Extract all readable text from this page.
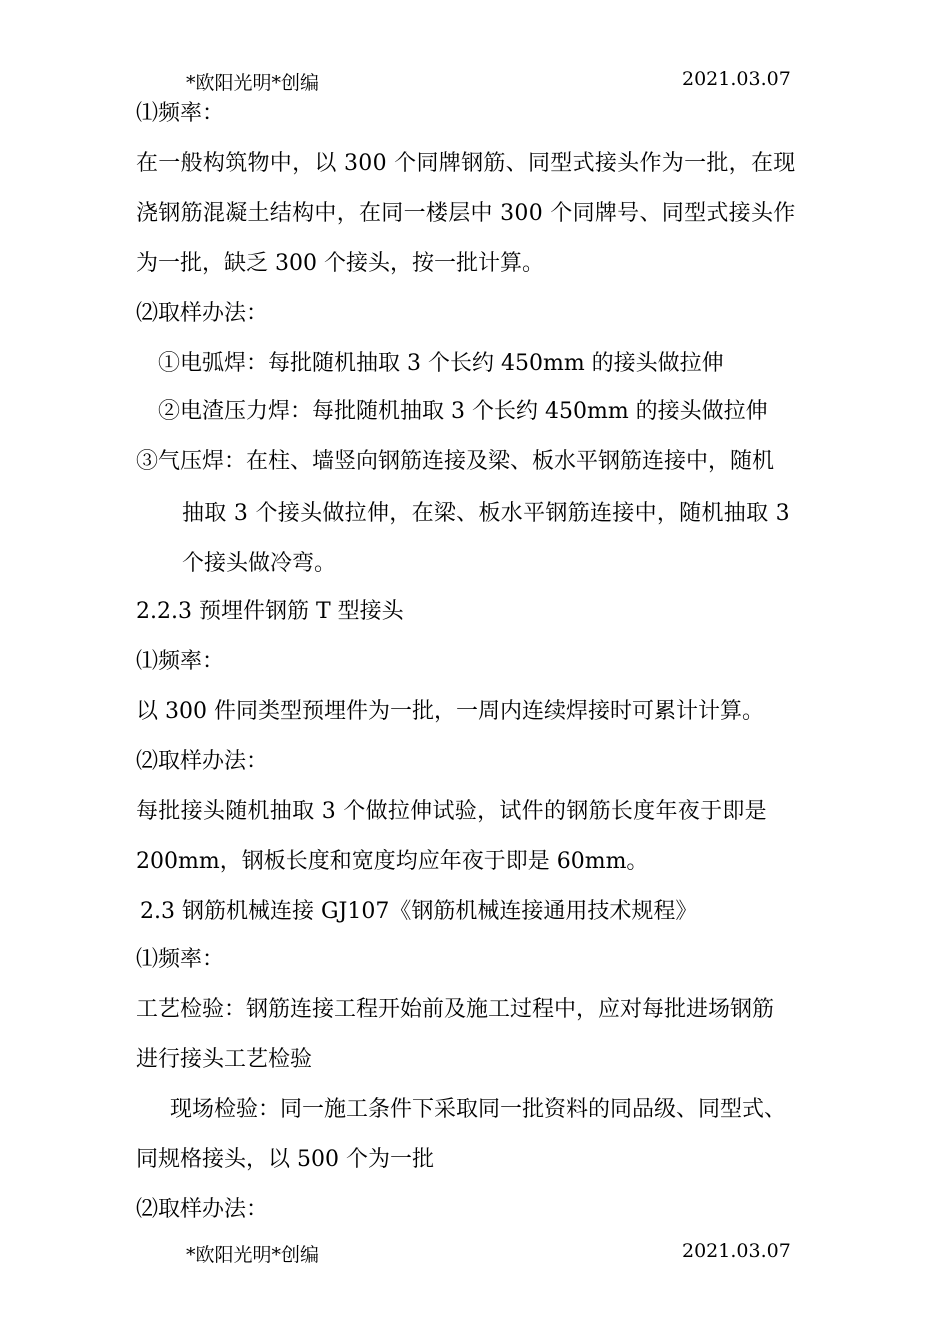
*欧阳光明*创编	2021.03.07
⑴频率：
在一般构筑物中，以 300 个同牌钢筋、同型式接头作为一批，在现
浇钢筋混凝土结构中，在同一楼层中 300 个同牌号、同型式接头作
为一批，缺乏 300 个接头，按一批计算。
⑵取样办法：
①电弧焊：每批随机抽取 3 个长约 450mm 的接头做拉伸
②电渣压力焊：每批随机抽取 3 个长约 450mm 的接头做拉伸
③气压焊：在柱、墙竖向钢筋连接及梁、板水平钢筋连接中，随机
抽取 3 个接头做拉伸，在梁、板水平钢筋连接中，随机抽取 3
个接头做冷弯。
2.2.3 预埋件钢筋 T 型接头
⑴频率：
以 300 件同类型预埋件为一批，一周内连续焊接时可累计计算。
⑵取样办法：
每批接头随机抽取 3 个做拉伸试验，试件的钢筋长度年夜于即是
200mm，钢板长度和宽度均应年夜于即是 60mm。
2.3 钢筋机械连接 GJ107《钢筋机械连接通用技术规程》
⑴频率：
工艺检验：钢筋连接工程开始前及施工过程中，应对每批进场钢筋
进行接头工艺检验
现场检验：同一施工条件下采取同一批资料的同品级、同型式、
同规格接头，以 500 个为一批
⑵取样办法：
*欧阳光明*创编	2021.03.07
